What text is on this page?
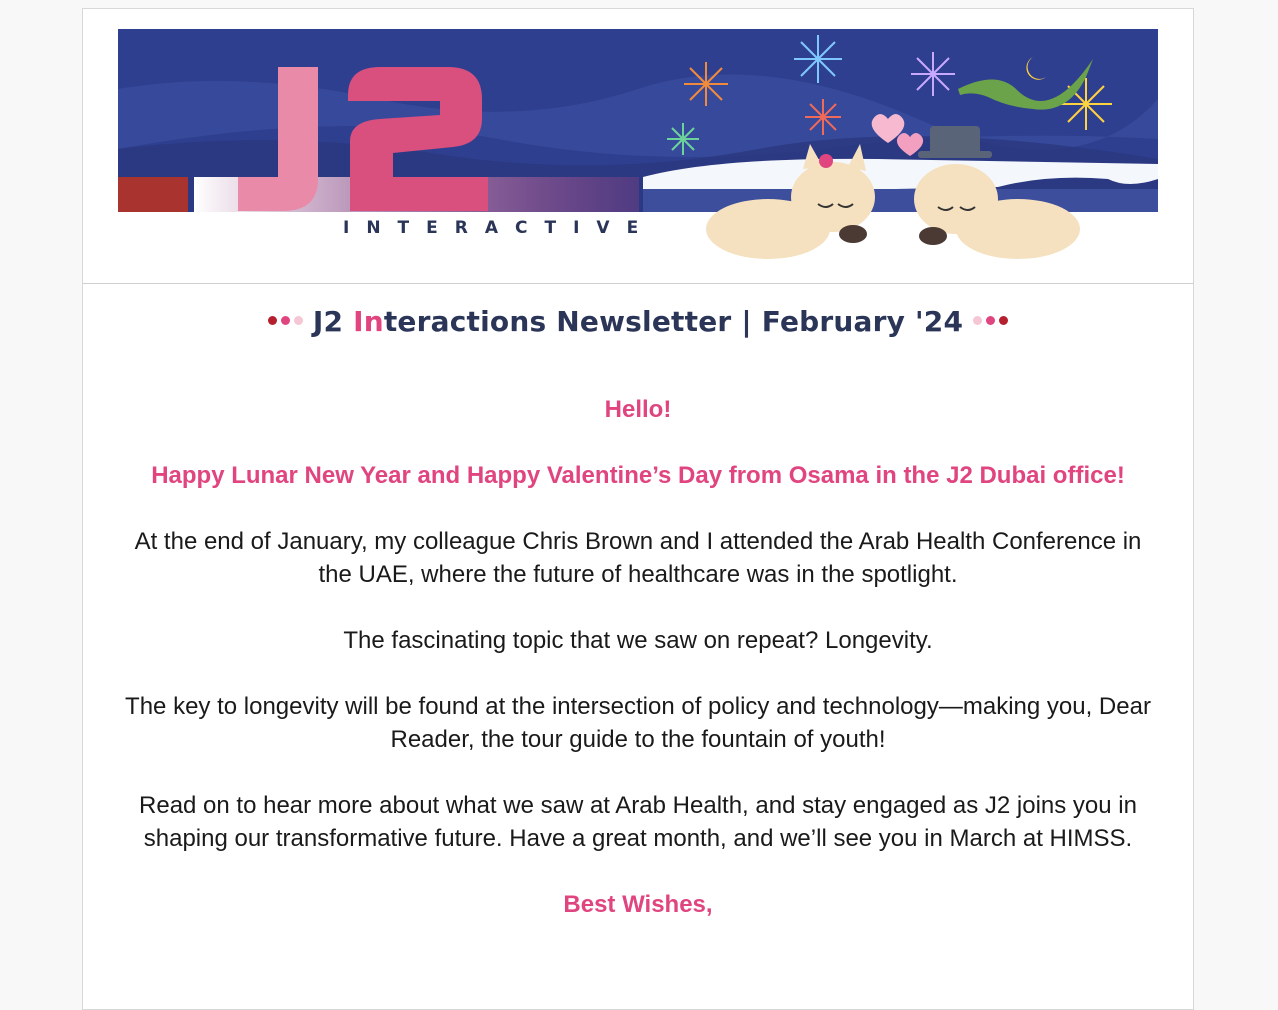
INTERACTIVE
J2 Interactions Newsletter | February '24

Hello!

Happy Lunar New Year and Happy Valentine’s Day from Osama in the J2 Dubai office!

At the end of January, my colleague Chris Brown and I attended the Arab Health Conference in the UAE, where the future of healthcare was in the spotlight.

The fascinating topic that we saw on repeat? Longevity.

The key to longevity will be found at the intersection of policy and technology—making you, Dear Reader, the tour guide to the fountain of youth!

Read on to hear more about what we saw at Arab Health, and stay engaged as J2 joins you in shaping our transformative future. Have a great month, and we’ll see you in March at HIMSS.

Best Wishes,
